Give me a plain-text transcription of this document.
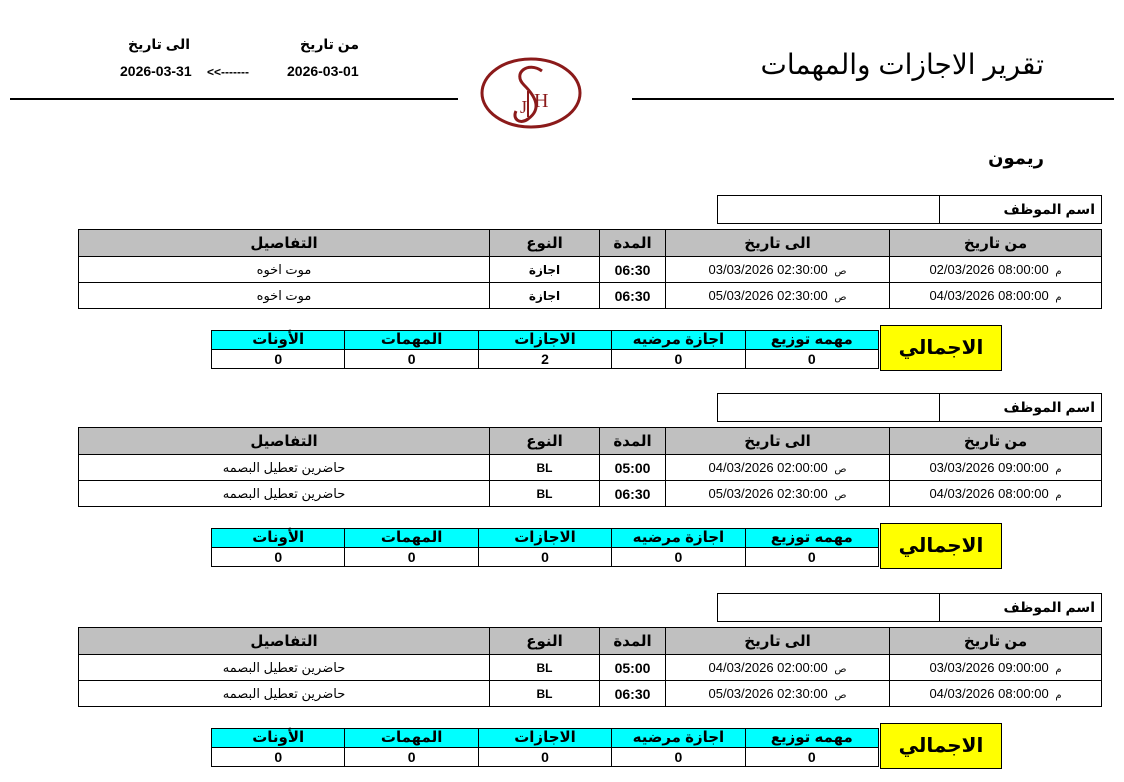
تقرير الاجازات والمهمات
من تاريخ
الى تاريخ
2026-03-01
<<-------
2026-03-31
J H
ريمون
اسم الموظف
من تاريخ	الى تاريخ	المدة	النوع	التفاصيل
02/03/2026 08:00:00 م	03/03/2026 02:30:00 ص	06:30	اجازة	موت اخوه
04/03/2026 08:00:00 م	05/03/2026 02:30:00 ص	06:30	اجازة	موت اخوه
الاجمالي
مهمه توزيع	اجازة مرضيه	الاجازات	المهمات	الأونات
0	0	2	0	0
اسم الموظف
من تاريخ	الى تاريخ	المدة	النوع	التفاصيل
03/03/2026 09:00:00 م	04/03/2026 02:00:00 ص	05:00	BL	حاضرين تعطيل البصمه
04/03/2026 08:00:00 م	05/03/2026 02:30:00 ص	06:30	BL	حاضرين تعطيل البصمه
الاجمالي
مهمه توزيع	اجازة مرضيه	الاجازات	المهمات	الأونات
0	0	0	0	0
اسم الموظف
من تاريخ	الى تاريخ	المدة	النوع	التفاصيل
03/03/2026 09:00:00 م	04/03/2026 02:00:00 ص	05:00	BL	حاضرين تعطيل البصمه
04/03/2026 08:00:00 م	05/03/2026 02:30:00 ص	06:30	BL	حاضرين تعطيل البصمه
الاجمالي
مهمه توزيع	اجازة مرضيه	الاجازات	المهمات	الأونات
0	0	0	0	0
